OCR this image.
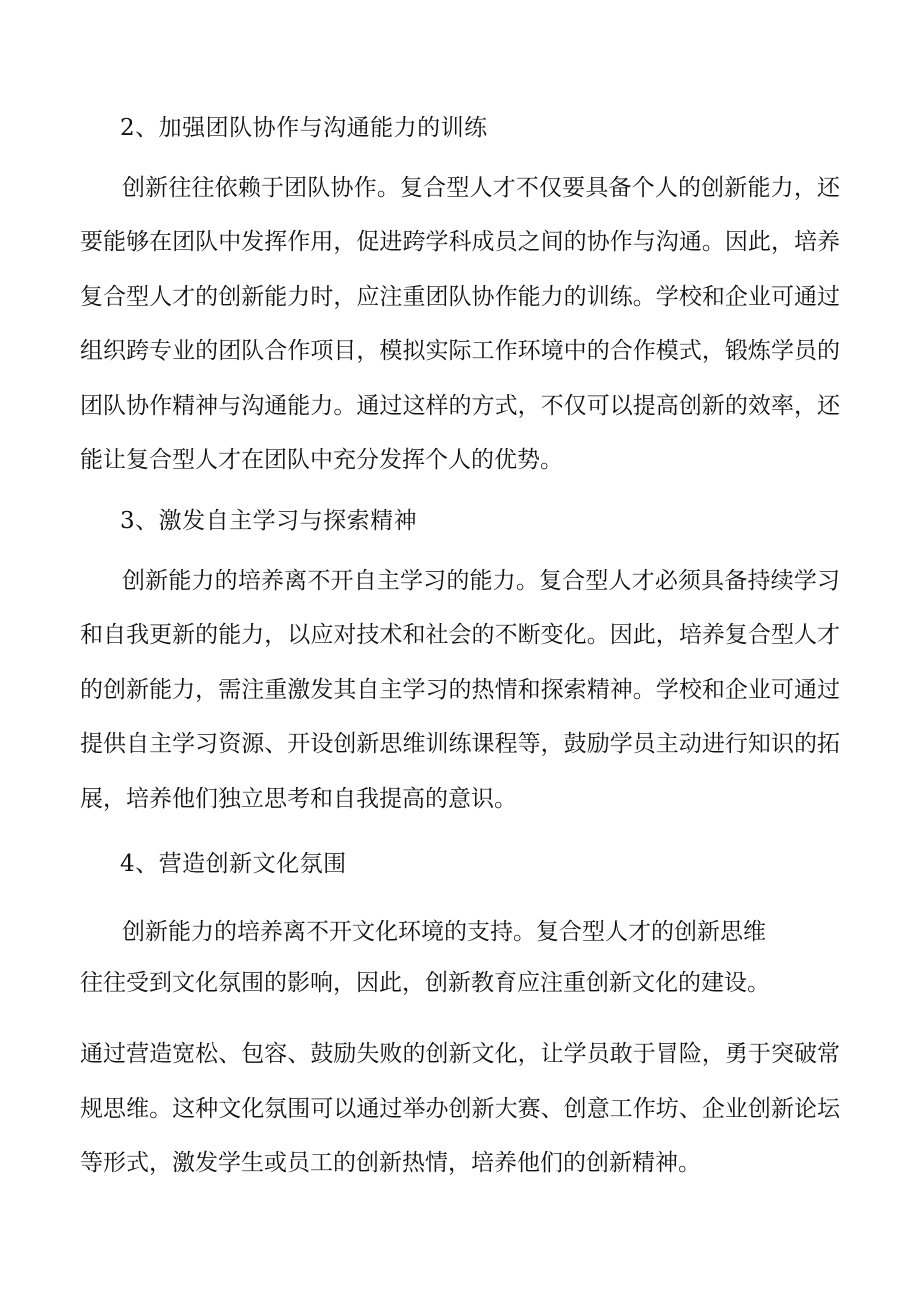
2、加强团队协作与沟通能力的训练
创新往往依赖于团队协作。复合型人才不仅要具备个人的创新能力，还
要能够在团队中发挥作用，促进跨学科成员之间的协作与沟通。因此，培养
复合型人才的创新能力时，应注重团队协作能力的训练。学校和企业可通过
组织跨专业的团队合作项目，模拟实际工作环境中的合作模式，锻炼学员的
团队协作精神与沟通能力。通过这样的方式，不仅可以提高创新的效率，还
能让复合型人才在团队中充分发挥个人的优势。
3、激发自主学习与探索精神
创新能力的培养离不开自主学习的能力。复合型人才必须具备持续学习
和自我更新的能力，以应对技术和社会的不断变化。因此，培养复合型人才
的创新能力，需注重激发其自主学习的热情和探索精神。学校和企业可通过
提供自主学习资源、开设创新思维训练课程等，鼓励学员主动进行知识的拓
展，培养他们独立思考和自我提高的意识。
4、营造创新文化氛围
创新能力的培养离不开文化环境的支持。复合型人才的创新思维
往往受到文化氛围的影响，因此，创新教育应注重创新文化的建设。
通过营造宽松、包容、鼓励失败的创新文化，让学员敢于冒险，勇于突破常
规思维。这种文化氛围可以通过举办创新大赛、创意工作坊、企业创新论坛
等形式，激发学生或员工的创新热情，培养他们的创新精神。
